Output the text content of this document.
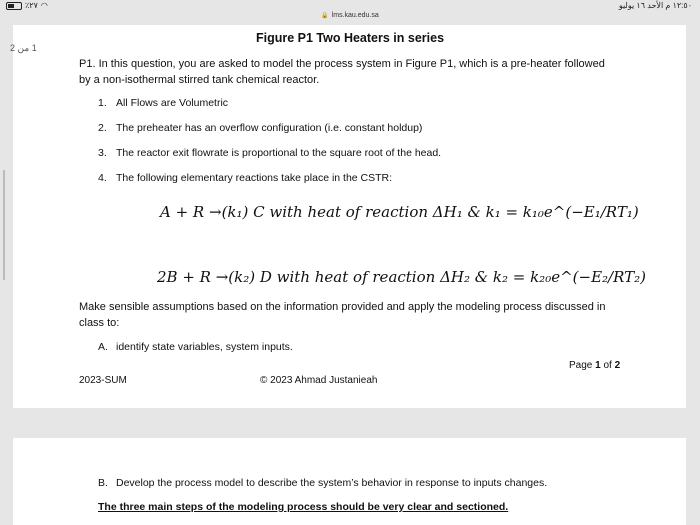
٪٢٧ ◠	١٢:٥٠ م الأحد ١٦ يوليو
🔒 lms.kau.edu.sa
1 من 2
Figure P1 Two Heaters in series
P1. In this question, you are asked to model the process system in Figure P1, which is a pre-heater followed by a non-isothermal stirred tank chemical reactor.
1. All Flows are Volumetric
2. The preheater has an overflow configuration (i.e. constant holdup)
3. The reactor exit flowrate is proportional to the square root of the head.
4. The following elementary reactions take place in the CSTR:
A + R →(k₁) C with heat of reaction ΔH₁ & k₁ = k₁₀e^(−E₁/RT₁)
2B + R →(k₂) D with heat of reaction ΔH₂ & k₂ = k₂₀e^(−E₂/RT₂)
Make sensible assumptions based on the information provided and apply the modeling process discussed in class to:
A. identify state variables, system inputs.
Page 1 of 2
2023-SUM	© 2023 Ahmad Justanieah
B. Develop the process model to describe the system’s behavior in response to inputs changes.
The three main steps of the modeling process should be very clear and sectioned.
